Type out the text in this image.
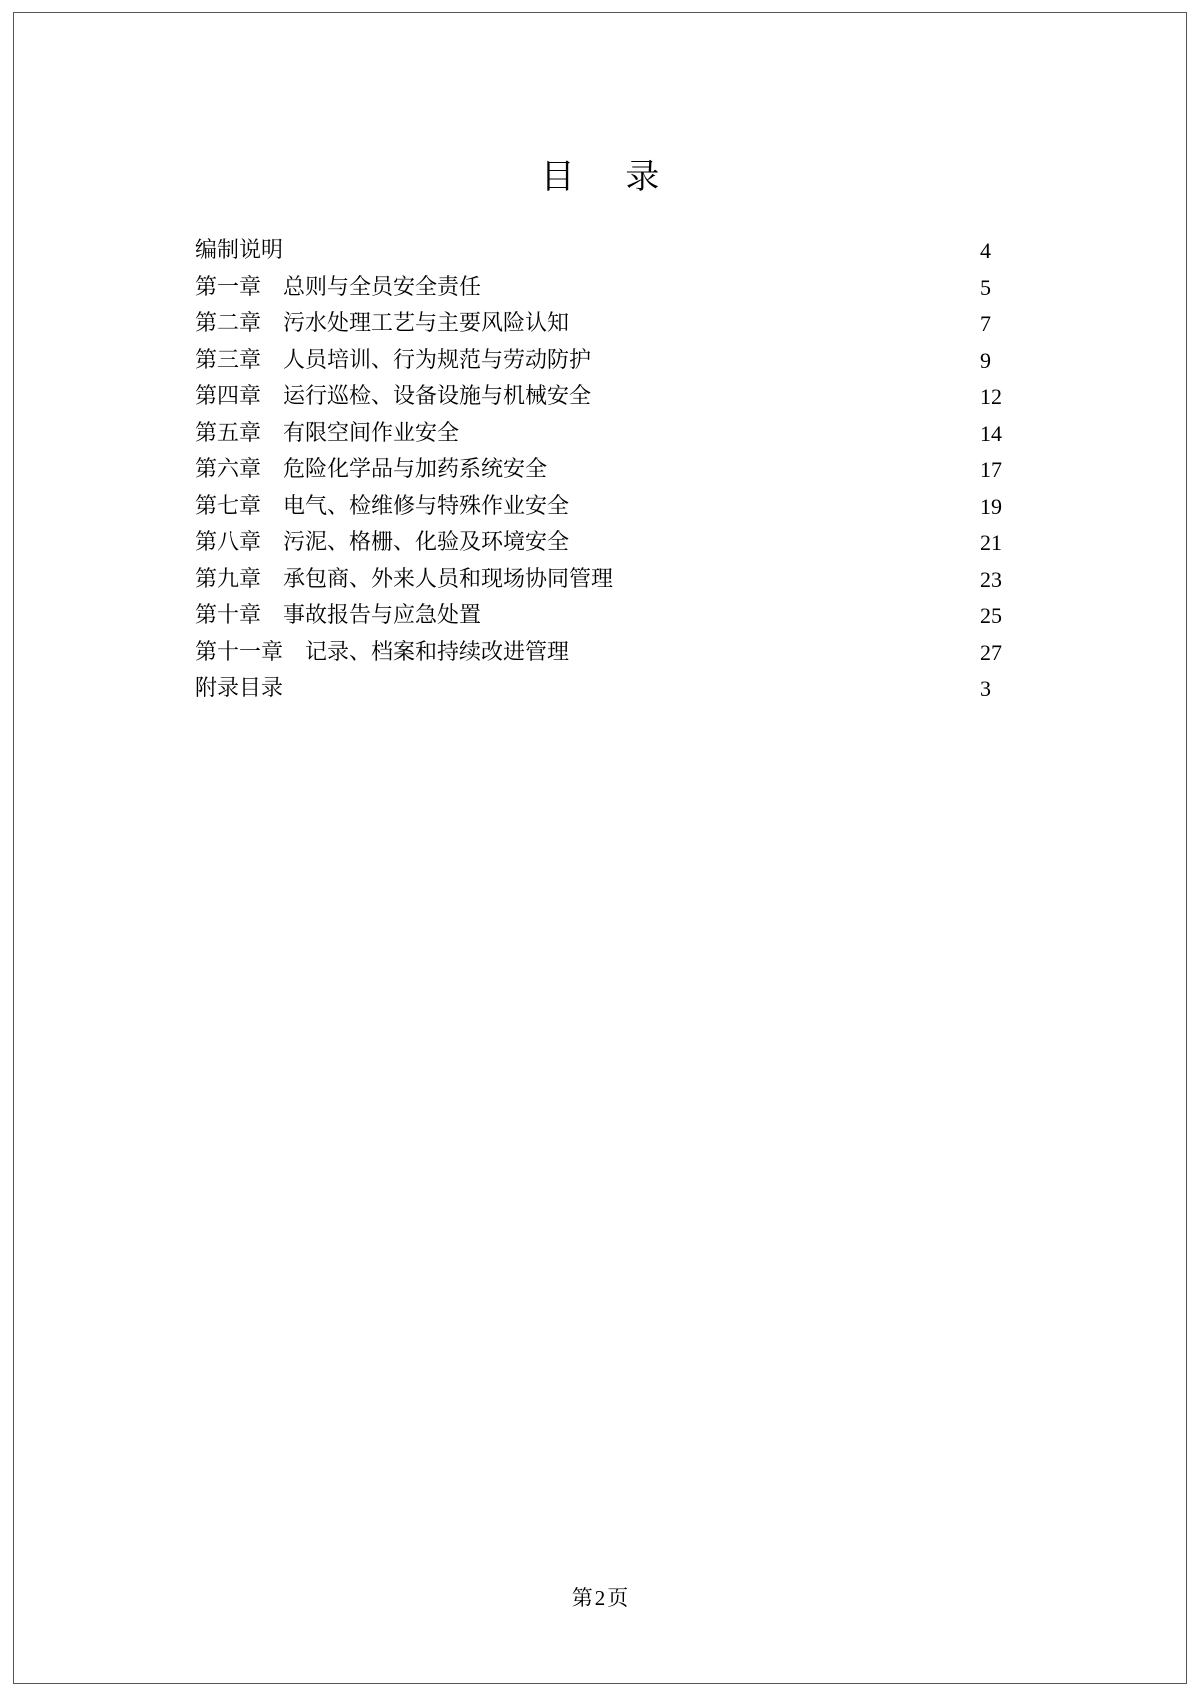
目 录
编制说明	4
第一章 总则与全员安全责任	5
第二章 污水处理工艺与主要风险认知	7
第三章 人员培训、行为规范与劳动防护	9
第四章 运行巡检、设备设施与机械安全	12
第五章 有限空间作业安全	14
第六章 危险化学品与加药系统安全	17
第七章 电气、检维修与特殊作业安全	19
第八章 污泥、格栅、化验及环境安全	21
第九章 承包商、外来人员和现场协同管理	23
第十章 事故报告与应急处置	25
第十一章 记录、档案和持续改进管理	27
附录目录	3
第2页
